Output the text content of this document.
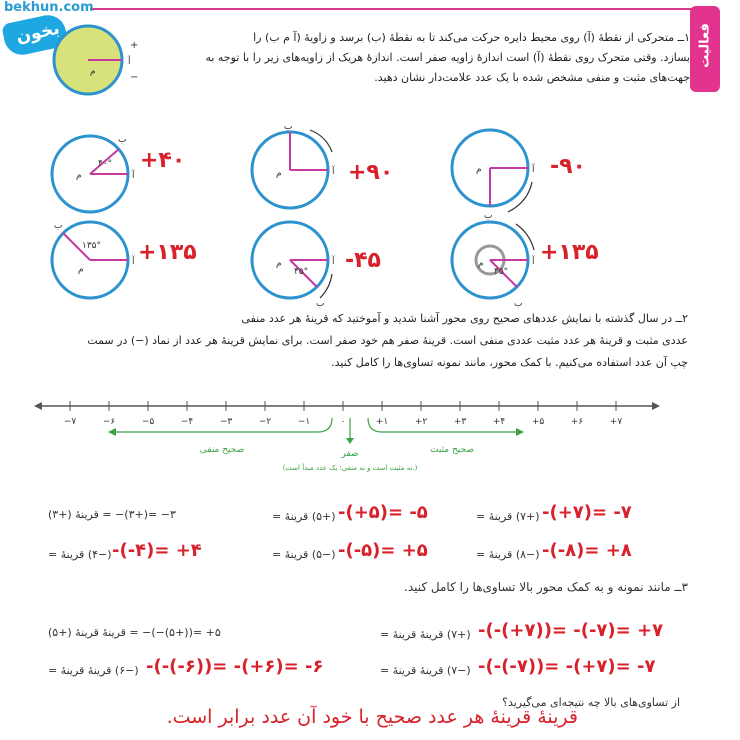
bekhun.com
بخون	فعالیت
۱ــ متحرکی از نقطهٔ (آ) روی محیط دایره حرکت می‌کند تا به نقطهٔ (ب) برسد و زاویهٔ (آ م ب) را
بسازد. وقتی متحرک روی نقطهٔ (آ) است اندازهٔ زاویه صفر است. اندازهٔ هریک از زاویه‌های زیر را با توجه به
جهت‌های مثبت و منفی مشخص شده با یک عدد علامت‌دار نشان دهید.
م
+
آ
−
۴۰°
ب
آ
م
+۴۰
ب
آ
م	+۹۰
ب
آ
م	-۹۰
۱۳۵°
ب
آ
م
+۱۳۵
۴۵°
ب
آ
م	-۴۵	۴۵°
ب
آ
م	+۱۳۵
۲ــ در سال گذشته با نمایش عددهای صحیح روی محور آشنا شدید و آموختید که قرینهٔ هر عدد منفی
عددی مثبت و قرینهٔ هر عدد مثبت عددی منفی است. قرینهٔ صفر هم خود صفر است. برای نمایش قرینهٔ هر عدد از نماد (−) در سمت
چپ آن عدد استفاده می‌کنیم. با کمک محور، مانند نمونه تساوی‌ها را کامل کنید.
−۷	−۶	−۵	−۴	−۳	−۲	−۱	۰	+۱	+۲	+۳	+۴	+۵	+۶	+۷
صحیح منفی	صحیح مثبت
صفر
(نه مثبت است و نه منفی؛ یک عدد مبدأ است.)
۳− =(+۳)− = قرینهٔ (+۳)	(+۵) قرینهٔ = -(+۵)= -۵	(+۷) قرینهٔ = -(+۷)= -۷
(−۴) قرینهٔ = -(-۴)= +۴	(−۵) قرینهٔ = -(-۵)= +۵	(−۸) قرینهٔ = -(-۸)= +۸
۳ــ مانند نمونه و به کمک محور بالا تساوی‌ها را کامل کنید.
۵+ =((+۵)−)− = قرینهٔ قرینهٔ (+۵)	(+۷) قرینهٔ قرینهٔ = -(-(+۷))= -(-۷)= +۷
(−۶) قرینهٔ قرینهٔ = -(-(-۶))= -(+۶)= -۶	(−۷) قرینهٔ قرینهٔ = -(-(-۷))= -(+۷)= -۷
از تساوی‌های بالا چه نتیجه‌ای می‌گیرید؟
قرینهٔ قرینهٔ هر عدد صحیح با خود آن عدد برابر است.
